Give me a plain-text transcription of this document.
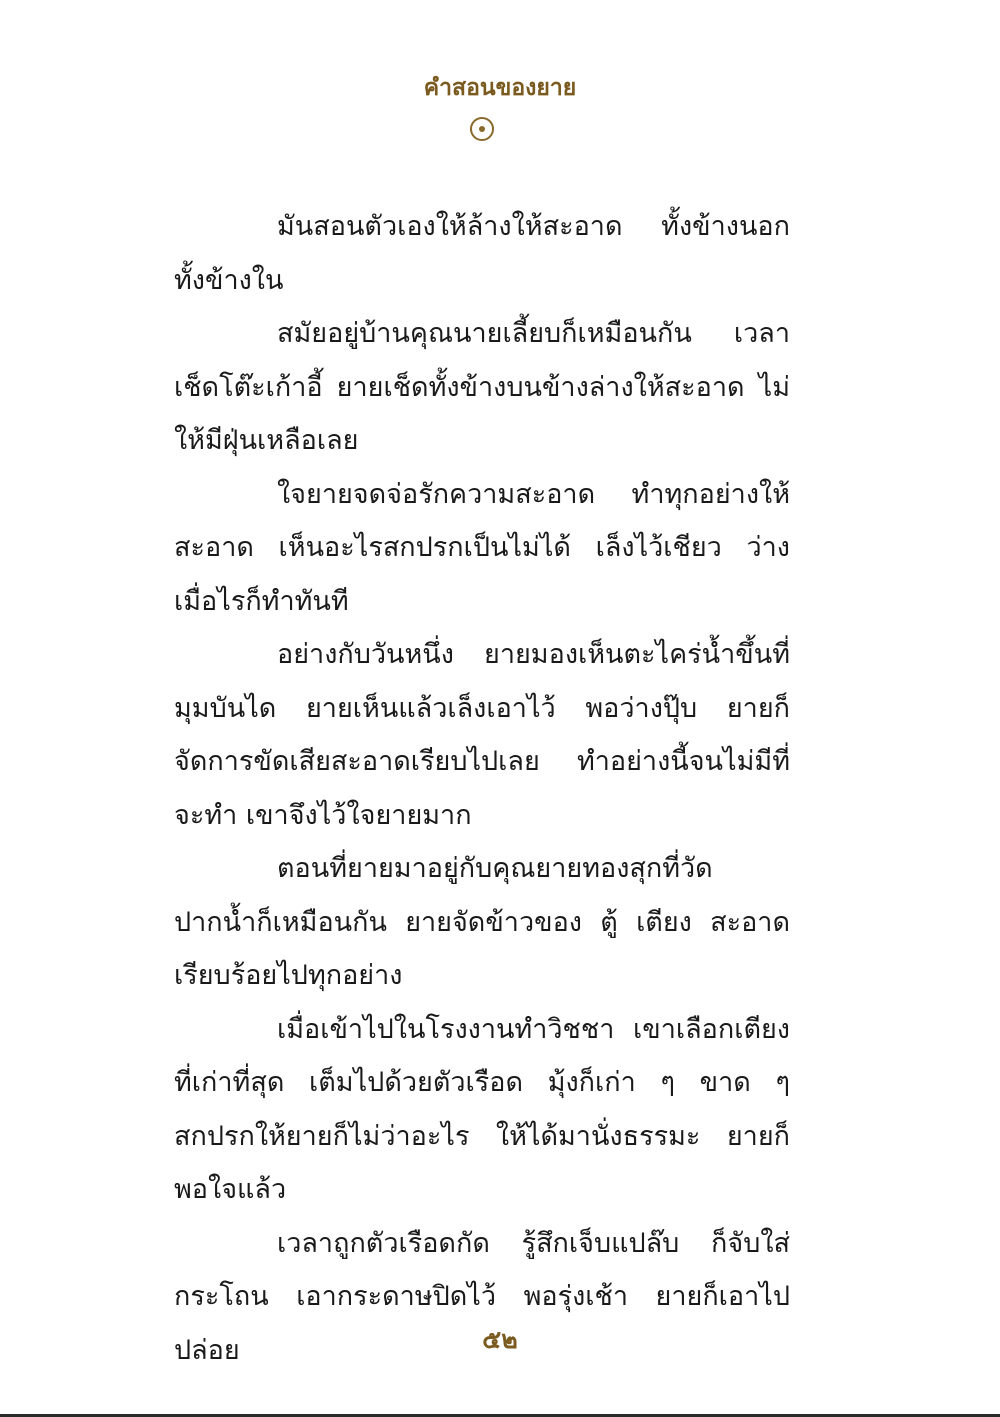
คำสอนของยาย

มันสอนตัวเองให้ล้างให้สะอาด ทั้งข้างนอกทั้งข้างใน

สมัยอยู่บ้านคุณนายเลี้ยบก็เหมือนกัน เวลาเช็ดโต๊ะเก้าอี้ ยายเช็ดทั้งข้างบนข้างล่างให้สะอาด ไม่ให้มีฝุ่นเหลือเลย

ใจยายจดจ่อรักความสะอาด ทำทุกอย่างให้สะอาด เห็นอะไรสกปรกเป็นไม่ได้ เล็งไว้เชียว ว่างเมื่อไรก็ทำทันที

อย่างกับวันหนึ่ง ยายมองเห็นตะไคร่น้ำขึ้นที่มุมบันได ยายเห็นแล้วเล็งเอาไว้ พอว่างปุ๊บ ยายก็จัดการขัดเสียสะอาดเรียบไปเลย ทำอย่างนี้จนไม่มีที่จะทำ เขาจึงไว้ใจยายมาก

ตอนที่ยายมาอยู่กับคุณยายทองสุกที่วัดปากน้ำก็เหมือนกัน ยายจัดข้าวของ ตู้ เตียง สะอาดเรียบร้อยไปทุกอย่าง

เมื่อเข้าไปในโรงงานทำวิชชา เขาเลือกเตียงที่เก่าที่สุด เต็มไปด้วยตัวเรือด มุ้งก็เก่า ๆ ขาด ๆ สกปรกให้ยายก็ไม่ว่าอะไร ให้ได้มานั่งธรรมะ ยายก็พอใจแล้ว

เวลาถูกตัวเรือดกัด รู้สึกเจ็บแปล๊บ ก็จับใส่กระโถน เอากระดาษปิดไว้ พอรุ่งเช้า ยายก็เอาไปปล่อย	๕๒
